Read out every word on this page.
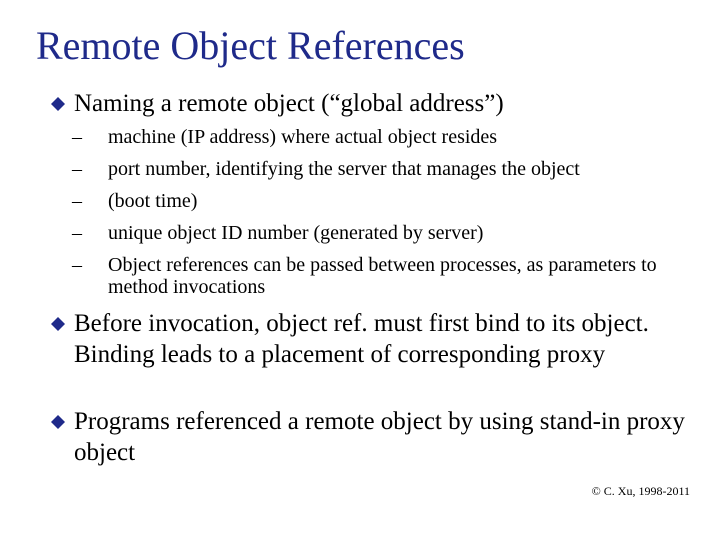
Remote Object References
Naming a remote object (“global address”)
– machine (IP address) where actual object resides
– port number, identifying the server that manages the object
– (boot time)
– unique object ID number (generated by server)
– Object references can be passed between processes, as parameters to method invocations
Before invocation, object ref. must first bind to its object. Binding leads to a placement of corresponding proxy
Programs referenced a remote object by using stand-in proxy object
© C. Xu, 1998-2011
